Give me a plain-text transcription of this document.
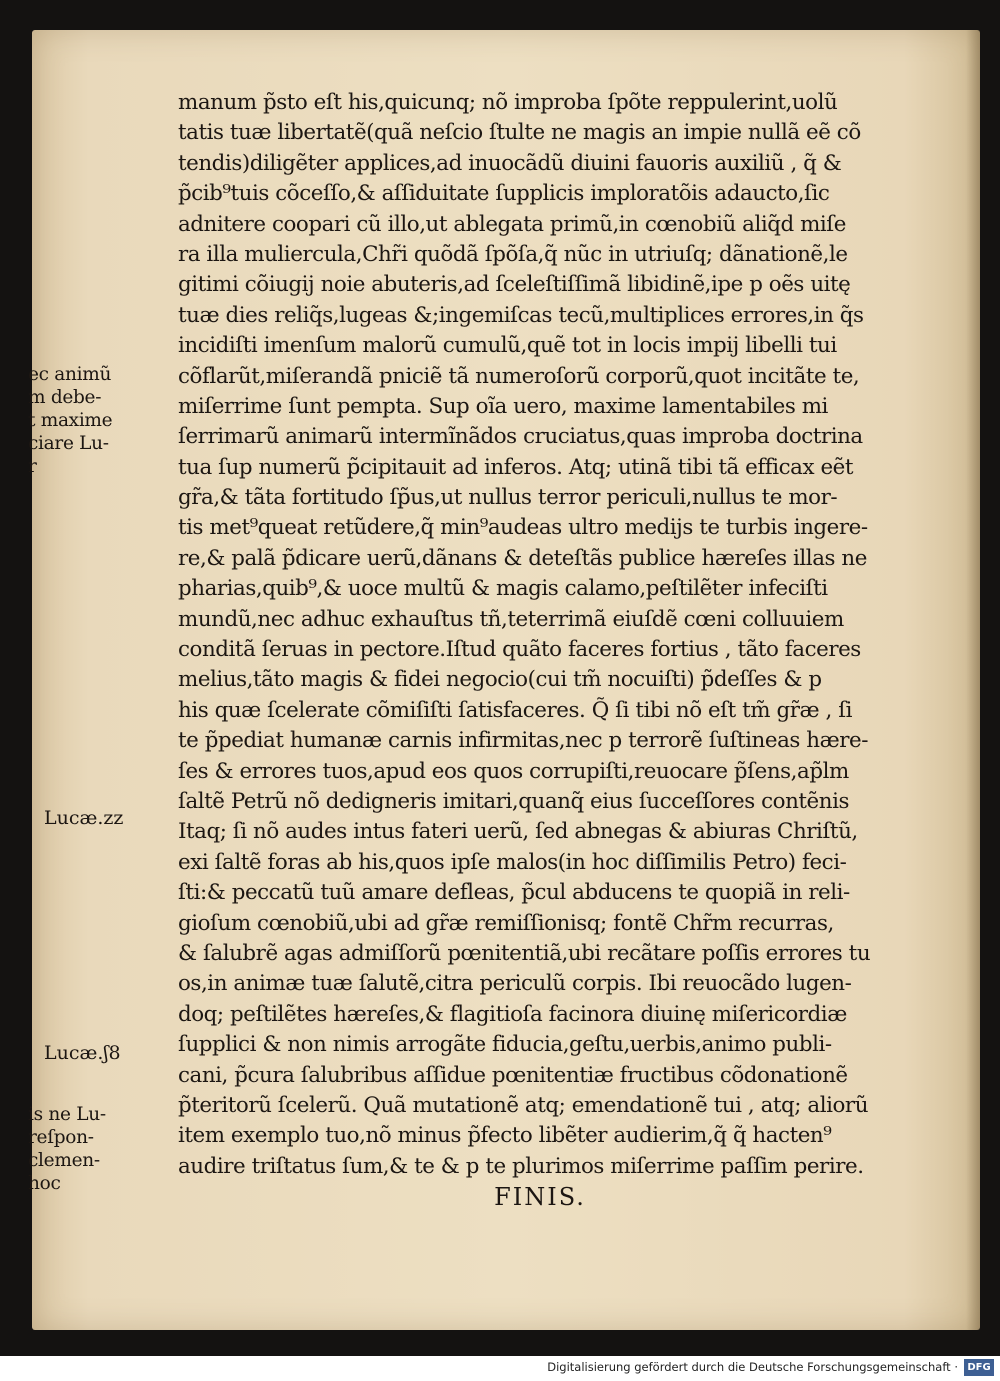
manum p̃sto eſt his,quicunq; nõ improba ſpõte reppulerint,uolũ
tatis tuæ libertatẽ(quã neſcio ſtulte ne magis an impie nullã eẽ cõ
tendis)diligẽter applices,ad inuocãdũ diuini fauoris auxiliũ , q̃ &
p̃cib⁹tuis cõceſſo,& aſſiduitate ſupplicis imploratõis adaucto,ſic
adnitere coopari cũ illo,ut ablegata primũ,in cœnobiũ aliq̃d miſe
ra illa muliercula,Chr̃i quõdã ſpõſa,q̃ nũc in utriuſq; dãnationẽ,le
gitimi cõiugij noie abuteris,ad ſceleſtiſſimã libidinẽ,ipe p oẽs uitę
tuæ dies reliq̃s,lugeas &;ingemiſcas tecũ,multiplices errores,in q̃s
incidiſti imenſum malorũ cumulũ,quẽ tot in locis impij libelli tui
cõflarũt,miſerandã pniciẽ tã numeroſorũ corporũ,quot incitãte te,
miſerrime ſunt pempta. Sup oĩa uero, maxime lamentabiles mi
ſerrimarũ animarũ intermĩnãdos cruciatus,quas improba doctrina
tua ſup numerũ p̃cipitauit ad inferos. Atq; utinã tibi tã efficax eẽt
gr̃a,& tãta fortitudo ſp̃us,ut nullus terror periculi,nullus te mor‐
tis met⁹queat retũdere,q̃ min⁹audeas ultro medijs te turbis ingere‐
re,& palã p̃dicare uerũ,dãnans & deteſtãs publice hæreſes illas ne
pharias,quib⁹,& uoce multũ & magis calamo,peſtilẽter infeciſti
mundũ,nec adhuc exhauſtus tñ,teterrimã eiuſdẽ cœni colluuiem
conditã ſeruas in pectore.Iſtud quãto faceres fortius , tãto faceres
melius,tãto magis & fidei negocio(cui tm̃ nocuiſti) p̃deſſes & p
his quæ ſcelerate cõmiſiſti ſatisfaceres. Q̃ ſi tibi nõ eſt tm̃ gr̃æ , ſi
te p̃pediat humanæ carnis infirmitas,nec p terrorẽ ſuſtineas hære‐
ſes & errores tuos,apud eos quos corrupiſti,reuocare p̃ſens,ap̃lm
ſaltẽ Petrũ nõ dedigneris imitari,quanq̃ eius ſucceſſores contẽnis
Itaq; ſi nõ audes intus fateri uerũ, ſed abnegas & abiuras Chriſtũ,
exi ſaltẽ foras ab his,quos ipſe malos(in hoc diſſimilis Petro) feci‐
ſti:& peccatũ tuũ amare defleas, p̃cul abducens te quopiã in reli‐
gioſum cœnobiũ,ubi ad gr̃æ remiſſionisq; fontẽ Chr̃m recurras,
& ſalubrẽ agas admiſſorũ pœnitentiã,ubi recãtare poſſis errores tu
os,in animæ tuæ ſalutẽ,citra periculũ corpis. Ibi reuocãdo lugen‐
doq; peſtilẽtes hæreſes,& flagitioſa facinora diuinę miſericordiæ
ſupplici & non nimis arrogãte fiducia,geſtu,uerbis,animo publi‐
cani, p̃cura ſalubribus aſſidue pœnitentiæ fructibus cõdonationẽ
p̃teritorũ ſcelerũ. Quã mutationẽ atq; emendationẽ tui , atq; aliorũ
item exemplo tuo,nõ minus p̃fecto libẽter audierim,q̃ q̃ hacten⁹
audire triſtatus ſum,& te & p te plurimos miſerrime paſſim perire.
FINIS.
ec animũ
m debe‐
t maxime
ciare Lu‐
r
Lucæ.zz
Lucæ.ʃ8
is ne Lu‐
reſpon‐
clemen‐
hoc
Digitalisierung gefördert durch die Deutsche Forschungsgemeinschaft · DFG
